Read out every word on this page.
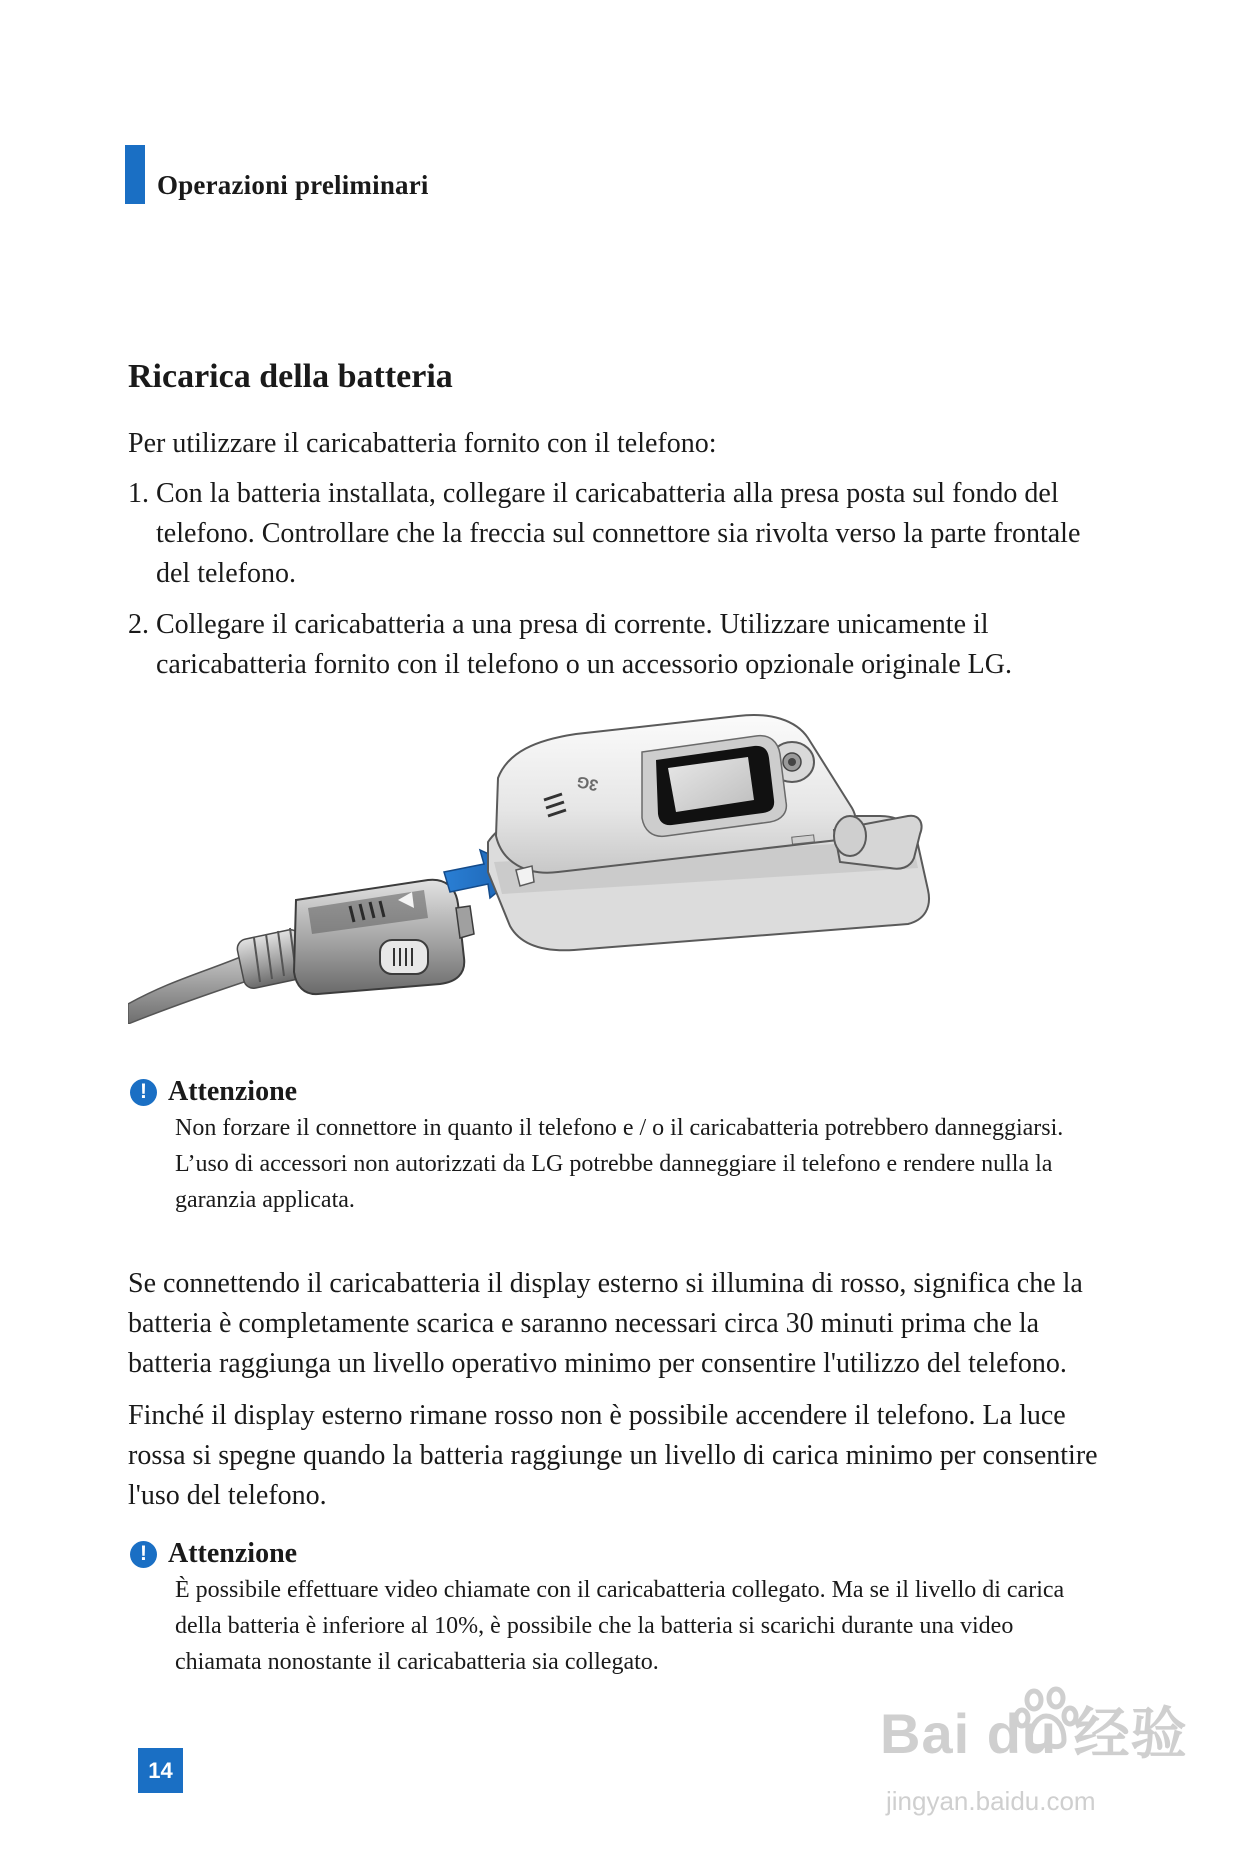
Operazioni preliminari
Ricarica della batteria

Per utilizzare il caricabatteria fornito con il telefono:

1. Con la batteria installata, collegare il caricabatteria alla presa posta sul fondo del telefono. Controllare che la freccia sul connettore sia rivolta verso la parte frontale del telefono.
2. Collegare il caricabatteria a una presa di corrente. Utilizzare unicamente il caricabatteria fornito con il telefono o un accessorio opzionale originale LG.
3G
! Attenzione

Non forzare il connettore in quanto il telefono e / o il caricabatteria potrebbero danneggiarsi.

L’uso di accessori non autorizzati da LG potrebbe danneggiare il telefono e rendere nulla la garanzia applicata.

Se connettendo il caricabatteria il display esterno si illumina di rosso, significa che la batteria è completamente scarica e saranno necessari circa 30 minuti prima che la batteria raggiunga un livello operativo minimo per consentire l'utilizzo del telefono.

Finché il display esterno rimane rosso non è possibile accendere il telefono. La luce rossa si spegne quando la batteria raggiunge un livello di carica minimo per consentire l'uso del telefono.

! Attenzione

È possibile effettuare video chiamate con il caricabatteria collegato. Ma se il livello di carica della batteria è inferiore al 10%, è possibile che la batteria si scarichi durante una video chiamata nonostante il caricabatteria sia collegato.

14
Bai du 经验
jingyan.baidu.com
